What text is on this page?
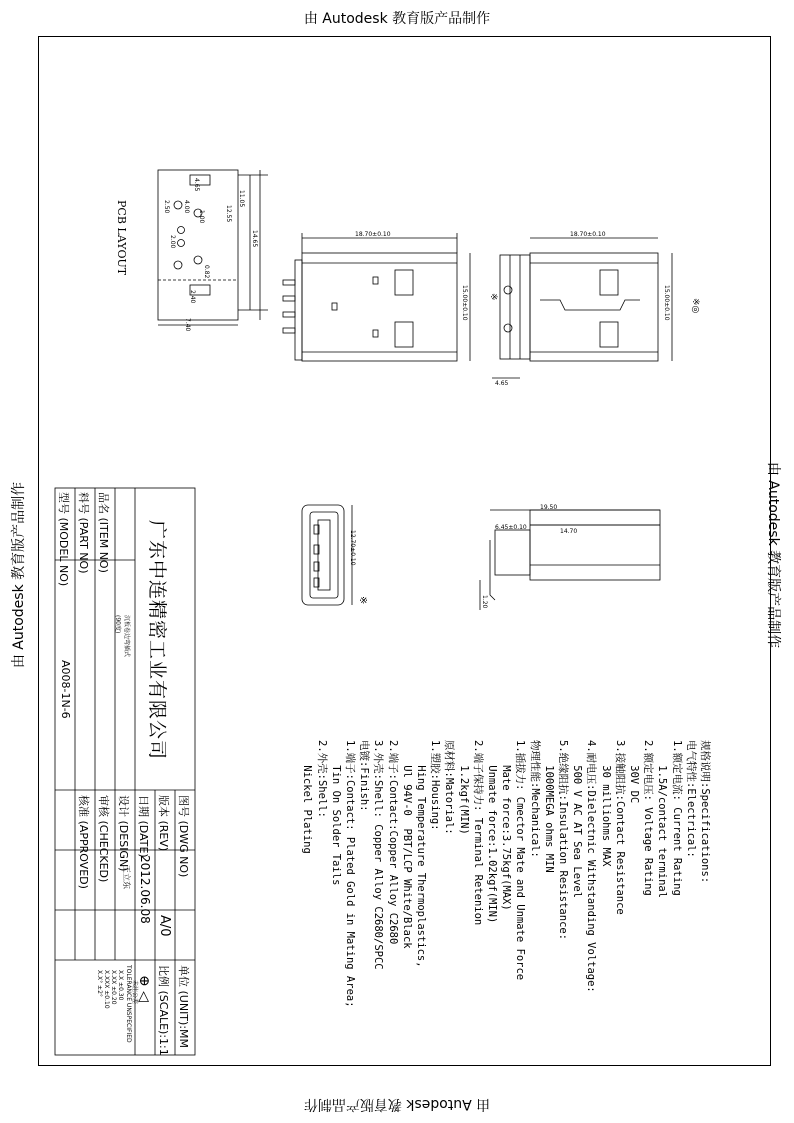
由 Autodesk 教育版产品制作
由 Autodesk 教育版产品制作
由 Autodesk 教育版产品制作	由 Autodesk 教育版产品制作
PCB LAYOUT
4.65
4.00
2.50
1.00
2.00
12.55
11.05
14.65
0.82
2.40
7.40
18.70±0.10
15.00±0.10 ※
18.70±0.10
15.00±0.10
4.65
※◎
19.50
14.70
6.45±0.10
1.20
12.70±0.10
※
规格说明:Specifications:
电气特性:Electrical:
1.额定电流: Current Rating
1.5A/contact terminal
2.额定电压: Voltage Rating
30V DC
3.接触阻抗:Contact Resistance
30 milliohms MAX
4.耐电压:Dielectnic Withstanding Voltage:
500 V AC AT Sea Level
5.绝缘阻抗:Insulation Resistance:
1000MEGA ohms MIN
物理性能:Mechanical:
1.插拔力: Cmector Mate and Unmate Force
Mate force:3.75kgf(MAX)
Unmate force:1.02kgf(MIN)
2.端子保持力: Terminal Retenion
1.2kgf(MIN)
原材料:Matorial:
1.塑胶:Housing:
Hing Temperature Thermoplastics,
Ul 94V-0  PBT/LCP White/Black
2.端子:Contact:Copper Alloy C2680
3.外壳:Shell: Copper Alloy C2680/SPCC
电镀:Finish:
1.端子:Contact: Plated Gold in Mating Area;
Tin On Solder Tails
2.外壳:Shell:
Nickel Plating
广东中连精密工业有限公司
型号 (MODEL NO)
A008-1N-6
料号 (PART NO) 品名 (ITEM NO)
沉板卷边弯插式
(90度)
图号 (DWG NO)
版本 (REV)
A/0
日期 (DATE)
2012.06.08
设计 (DESIGN)
王立东
审核 (CHECKED)
核准 (APPROVED)
单位 (UNIT):MM
比例 (SCALE):1:1
⊕ ◁
未注公差
TOLERANCE UNSPECIFIED
X.X ±0.30
X.XX ±0.20
X.XXX ±0.10
X.X° ±2°
